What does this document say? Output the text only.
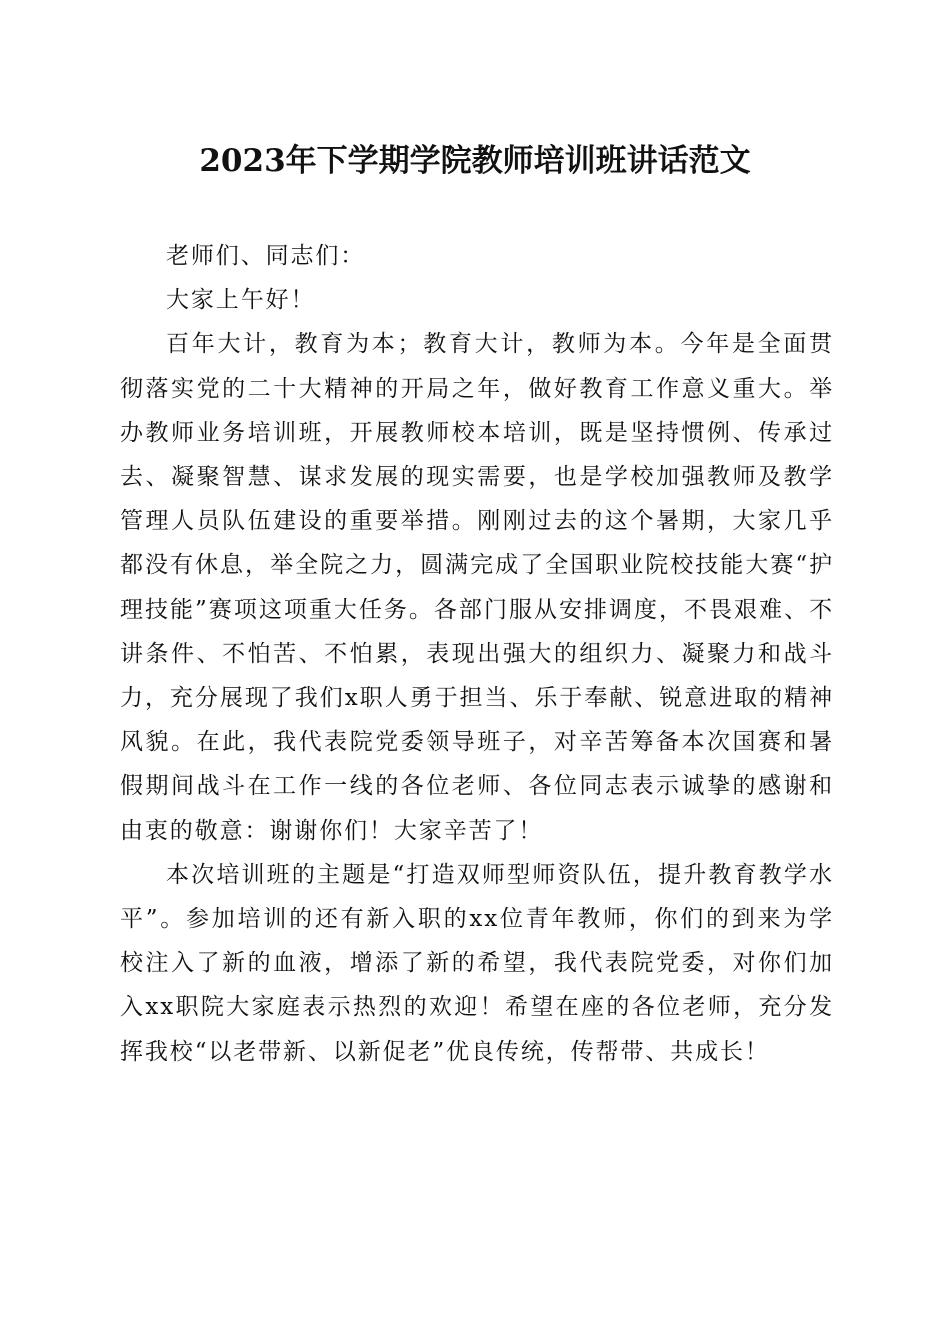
2023年下学期学院教师培训班讲话范文

老师们、同志们：

大家上午好！

百年大计，教育为本；教育大计，教师为本。今年是全面贯彻落实党的二十大精神的开局之年，做好教育工作意义重大。举办教师业务培训班，开展教师校本培训，既是坚持惯例、传承过去、凝聚智慧、谋求发展的现实需要，也是学校加强教师及教学管理人员队伍建设的重要举措。刚刚过去的这个暑期，大家几乎都没有休息，举全院之力，圆满完成了全国职业院校技能大赛“护理技能”赛项这项重大任务。各部门服从安排调度，不畏艰难、不讲条件、不怕苦、不怕累，表现出强大的组织力、凝聚力和战斗力，充分展现了我们x职人勇于担当、乐于奉献、锐意进取的精神风貌。在此，我代表院党委领导班子，对辛苦筹备本次国赛和暑假期间战斗在工作一线的各位老师、各位同志表示诚挚的感谢和由衷的敬意：谢谢你们！大家辛苦了！

本次培训班的主题是“打造双师型师资队伍，提升教育教学水平”。参加培训的还有新入职的xx位青年教师，你们的到来为学校注入了新的血液，增添了新的希望，我代表院党委，对你们加入xx职院大家庭表示热烈的欢迎！希望在座的各位老师，充分发挥我校“以老带新、以新促老”优良传统，传帮带、共成长！
